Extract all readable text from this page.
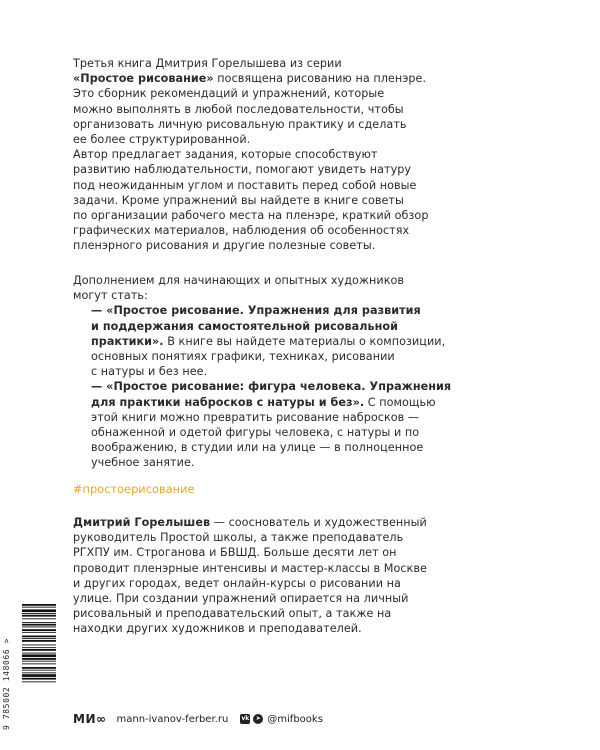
Третья книга Дмитрия Горелышева из серии

«Простое рисование» посвящена рисованию на пленэре.

Это сборник рекомендаций и упражнений, которые

можно выполнять в любой последовательности, чтобы

организовать личную рисовальную практику и сделать

ее более структурированной.

Автор предлагает задания, которые способствуют

развитию наблюдательности, помогают увидеть натуру

под неожиданным углом и поставить перед собой новые

задачи. Кроме упражнений вы найдете в книге советы

по организации рабочего места на пленэре, краткий обзор

графических материалов, наблюдения об особенностях

пленэрного рисования и другие полезные советы.

Дополнением для начинающих и опытных художников

могут стать:

— «Простое рисование. Упражнения для развития

и поддержания самостоятельной рисовальной

практики». В книге вы найдете материалы о композиции,

основных понятиях графики, техниках, рисовании

с натуры и без нее.

— «Простое рисование: фигура человека. Упражнения

для практики набросков с натуры и без». С помощью

этой книги можно превратить рисование набросков —

обнаженной и одетой фигуры человека, с натуры и по

воображению, в студии или на улице — в полноценное

учебное занятие.

#простоерисование

Дмитрий Горелышев — сооснователь и художественный

руководитель Простой школы, а также преподаватель

РГХПУ им. Строганова и БВШД. Больше десяти лет он

проводит пленэрные интенсивы и мастер-классы в Москве

и других городах, ведет онлайн-курсы о рисовании на

улице. При создании упражнений опирается на личный

рисовальный и преподавательский опыт, а также на

находки других художников и преподавателей.

9 785002 148066 >	МИ∞ mann-ivanov-ferber.ru vk	➤ @mifbooks
